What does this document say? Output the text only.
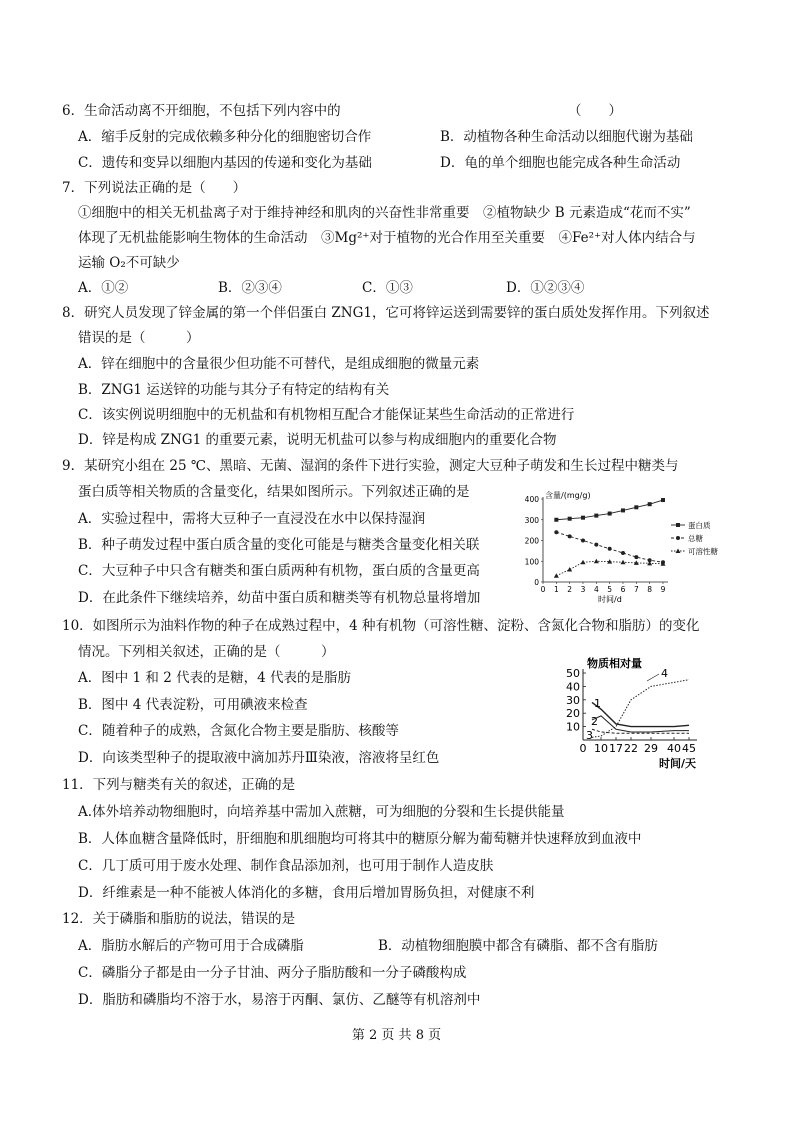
6．生命活动离不开细胞，不包括下列内容中的	（　　）
A．缩手反射的完成依赖多种分化的细胞密切合作	B．动植物各种生命活动以细胞代谢为基础
C．遗传和变异以细胞内基因的传递和变化为基础	D．龟的单个细胞也能完成各种生命活动
7．下列说法正确的是（　　）
①细胞中的相关无机盐离子对于维持神经和肌肉的兴奋性非常重要　②植物缺少 B 元素造成“花而不实”
体现了无机盐能影响生物体的生命活动　③Mg²⁺对于植物的光合作用至关重要　④Fe²⁺对人体内结合与
运输 O₂不可缺少
A．①②	B．②③④	C．①③	D．①②③④
8．研究人员发现了锌金属的第一个伴侣蛋白 ZNG1，它可将锌运送到需要锌的蛋白质处发挥作用。下列叙述
错误的是（　　　）
A．锌在细胞中的含量很少但功能不可替代，是组成细胞的微量元素
B．ZNG1 运送锌的功能与其分子有特定的结构有关
C．该实例说明细胞中的无机盐和有机物相互配合才能保证某些生命活动的正常进行
D．锌是构成 ZNG1 的重要元素，说明无机盐可以参与构成细胞内的重要化合物
9．某研究小组在 25 ℃、黑暗、无菌、湿润的条件下进行实验，测定大豆种子萌发和生长过程中糖类与
蛋白质等相关物质的含量变化，结果如图所示。下列叙述正确的是
A．实验过程中，需将大豆种子一直浸没在水中以保持湿润
B．种子萌发过程中蛋白质含量的变化可能是与糖类含量变化相关联
C．大豆种子中只含有糖类和蛋白质两种有机物，蛋白质的含量更高
D．在此条件下继续培养，幼苗中蛋白质和糖类等有机物总量将增加
含量/(mg/g)
时间/d
0
100
200
300
400
0 1 2 3 4 5 6 7 8 9
蛋白质
总糖
可溶性糖
10．如图所示为油料作物的种子在成熟过程中，4 种有机物（可溶性糖、淀粉、含氮化合物和脂肪）的变化
情况。下列相关叙述，正确的是（　　　）
A．图中 1 和 2 代表的是糖，4 代表的是脂肪
B．图中 4 代表淀粉，可用碘液来检查
C．随着种子的成熟，含氮化合物主要是脂肪、核酸等
D．向该类型种子的提取液中滴加苏丹Ⅲ染液，溶液将呈红色
物质相对量
时间/天
10
20
30
40
50
0 10 17 22 29 40 45
1
2
3
4
11．下列与糖类有关的叙述，正确的是
A.体外培养动物细胞时，向培养基中需加入蔗糖，可为细胞的分裂和生长提供能量
B．人体血糖含量降低时，肝细胞和肌细胞均可将其中的糖原分解为葡萄糖并快速释放到血液中
C．几丁质可用于废水处理、制作食品添加剂，也可用于制作人造皮肤
D．纤维素是一种不能被人体消化的多糖，食用后增加胃肠负担，对健康不利
12．关于磷脂和脂肪的说法，错误的是
A．脂肪水解后的产物可用于合成磷脂	B．动植物细胞膜中都含有磷脂、都不含有脂肪
C．磷脂分子都是由一分子甘油、两分子脂肪酸和一分子磷酸构成
D．脂肪和磷脂均不溶于水，易溶于丙酮、氯仿、乙醚等有机溶剂中
第 2 页 共 8 页
